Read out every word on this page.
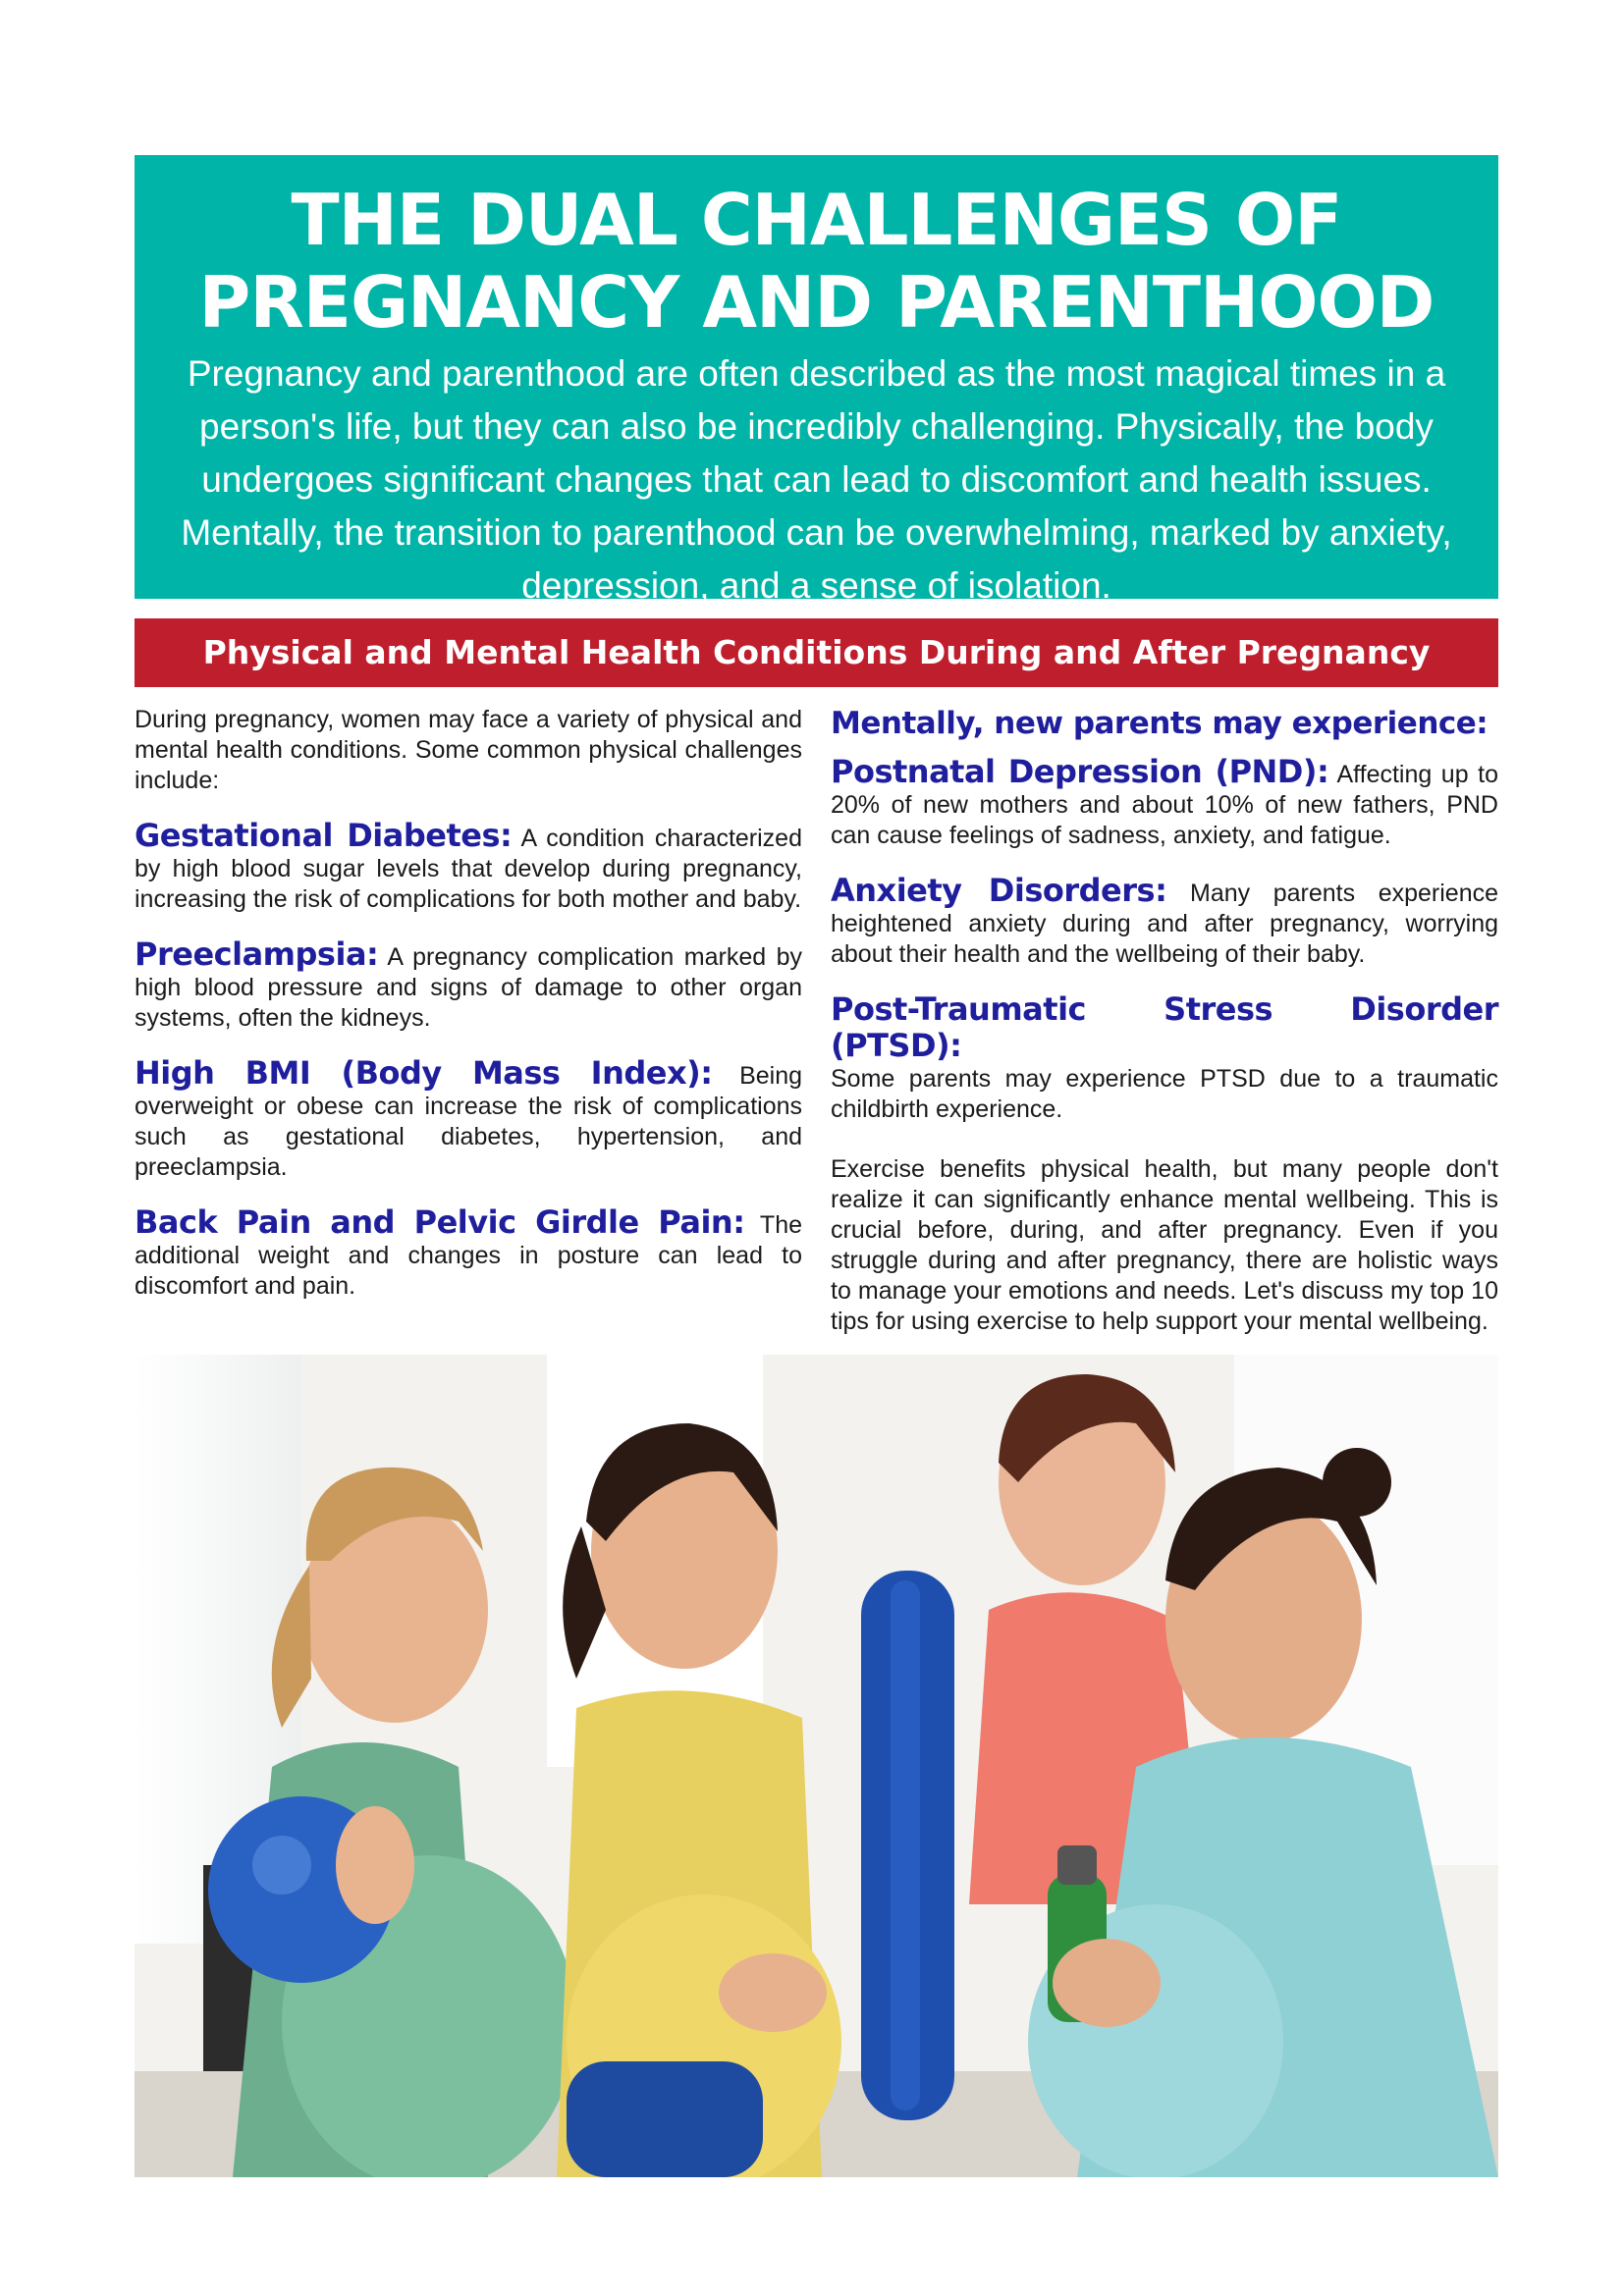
THE DUAL CHALLENGES OF
PREGNANCY AND PARENTHOOD

Pregnancy and parenthood are often described as the most magical times in a person's life, but they can also be incredibly challenging. Physically, the body undergoes significant changes that can lead to discomfort and health issues. Mentally, the transition to parenthood can be overwhelming, marked by anxiety, depression, and a sense of isolation.

Physical and Mental Health Conditions During and After Pregnancy

During pregnancy, women may face a variety of physical and mental health conditions. Some common physical challenges include:

Gestational Diabetes: A condition characterized by high blood sugar levels that develop during pregnancy, increasing the risk of complications for both mother and baby.

Preeclampsia: A pregnancy complication marked by high blood pressure and signs of damage to other organ systems, often the kidneys.

High BMI (Body Mass Index): Being overweight or obese can increase the risk of complications such as gestational diabetes, hypertension, and preeclampsia.

Back Pain and Pelvic Girdle Pain: The additional weight and changes in posture can lead to discomfort and pain.

Mentally, new parents may experience:

Postnatal Depression (PND): Affecting up to 20% of new mothers and about 10% of new fathers, PND can cause feelings of sadness, anxiety, and fatigue.

Anxiety Disorders: Many parents experience heightened anxiety during and after pregnancy, worrying about their health and the wellbeing of their baby.

Post-Traumatic Stress Disorder (PTSD):
Some parents may experience PTSD due to a traumatic childbirth experience.

Exercise benefits physical health, but many people don't realize it can significantly enhance mental wellbeing. This is crucial before, during, and after pregnancy. Even if you struggle during and after pregnancy, there are holistic ways to manage your emotions and needs. Let's discuss my top 10 tips for using exercise to help support your mental wellbeing.
